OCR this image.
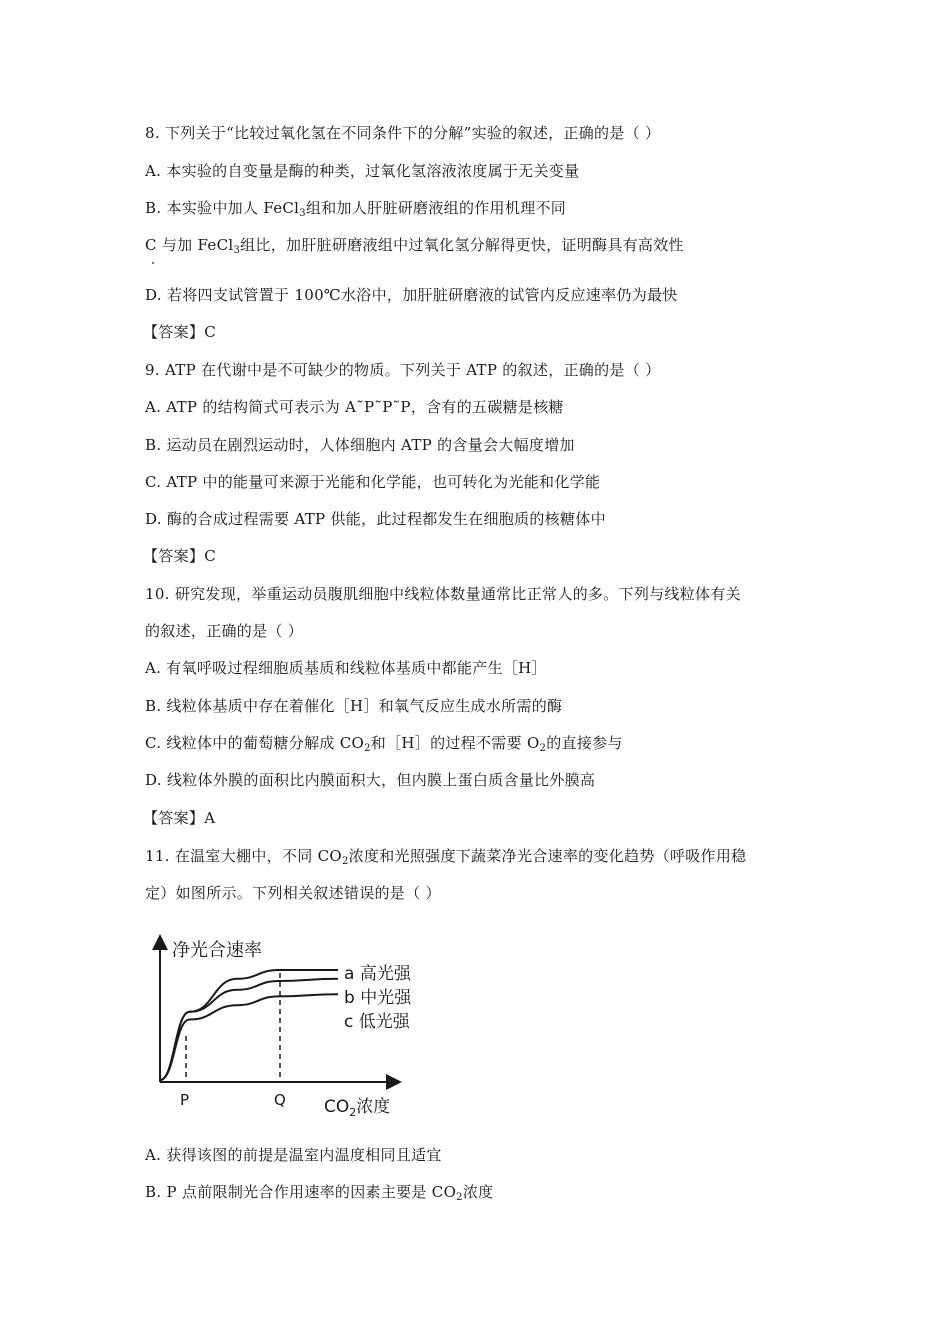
8. 下列关于“比较过氧化氢在不同条件下的分解”实验的叙述，正确的是（ ）
A. 本实验的自变量是酶的种类，过氧化氢溶液浓度属于无关变量
B. 本实验中加人 FeCl$_3$组和加人肝脏研磨液组的作用机理不同
C 与加 FeCl$_3$组比，加肝脏研磨液组中过氧化氢分解得更快，证明酶具有高效性
D. 若将四支试管置于 100℃水浴中，加肝脏研磨液的试管内反应速率仍为最快
【答案】C
9. ATP 在代谢中是不可缺少的物质。下列关于 ATP 的叙述，正确的是（ ）
A. ATP 的结构简式可表示为 A˜P˜P˜P，含有的五碳糖是核糖
B. 运动员在剧烈运动时，人体细胞内 ATP 的含量会大幅度增加
C. ATP 中的能量可来源于光能和化学能，也可转化为光能和化学能
D. 酶的合成过程需要 ATP 供能，此过程都发生在细胞质的核糖体中
【答案】C
10. 研究发现，举重运动员腹肌细胞中线粒体数量通常比正常人的多。下列与线粒体有关
的叙述，正确的是（ ）
A. 有氧呼吸过程细胞质基质和线粒体基质中都能产生［H］
B. 线粒体基质中存在着催化［H］和氧气反应生成水所需的酶
C. 线粒体中的葡萄糖分解成 $CO_2$和［H］的过程不需要 $O_2$的直接参与
D. 线粒体外膜的面积比内膜面积大，但内膜上蛋白质含量比外膜高
【答案】A
11. 在温室大棚中，不同 $CO_2$浓度和光照强度下蔬菜净光合速率的变化趋势（呼吸作用稳
定）如图所示。下列相关叙述错误的是（ ）
净光合速率
P	Q $CO_2$浓度
a 高光强
b 中光强
c 低光强
A. 获得该图的前提是温室内温度相同且适宜
B. P 点前限制光合作用速率的因素主要是 $CO_2$浓度
